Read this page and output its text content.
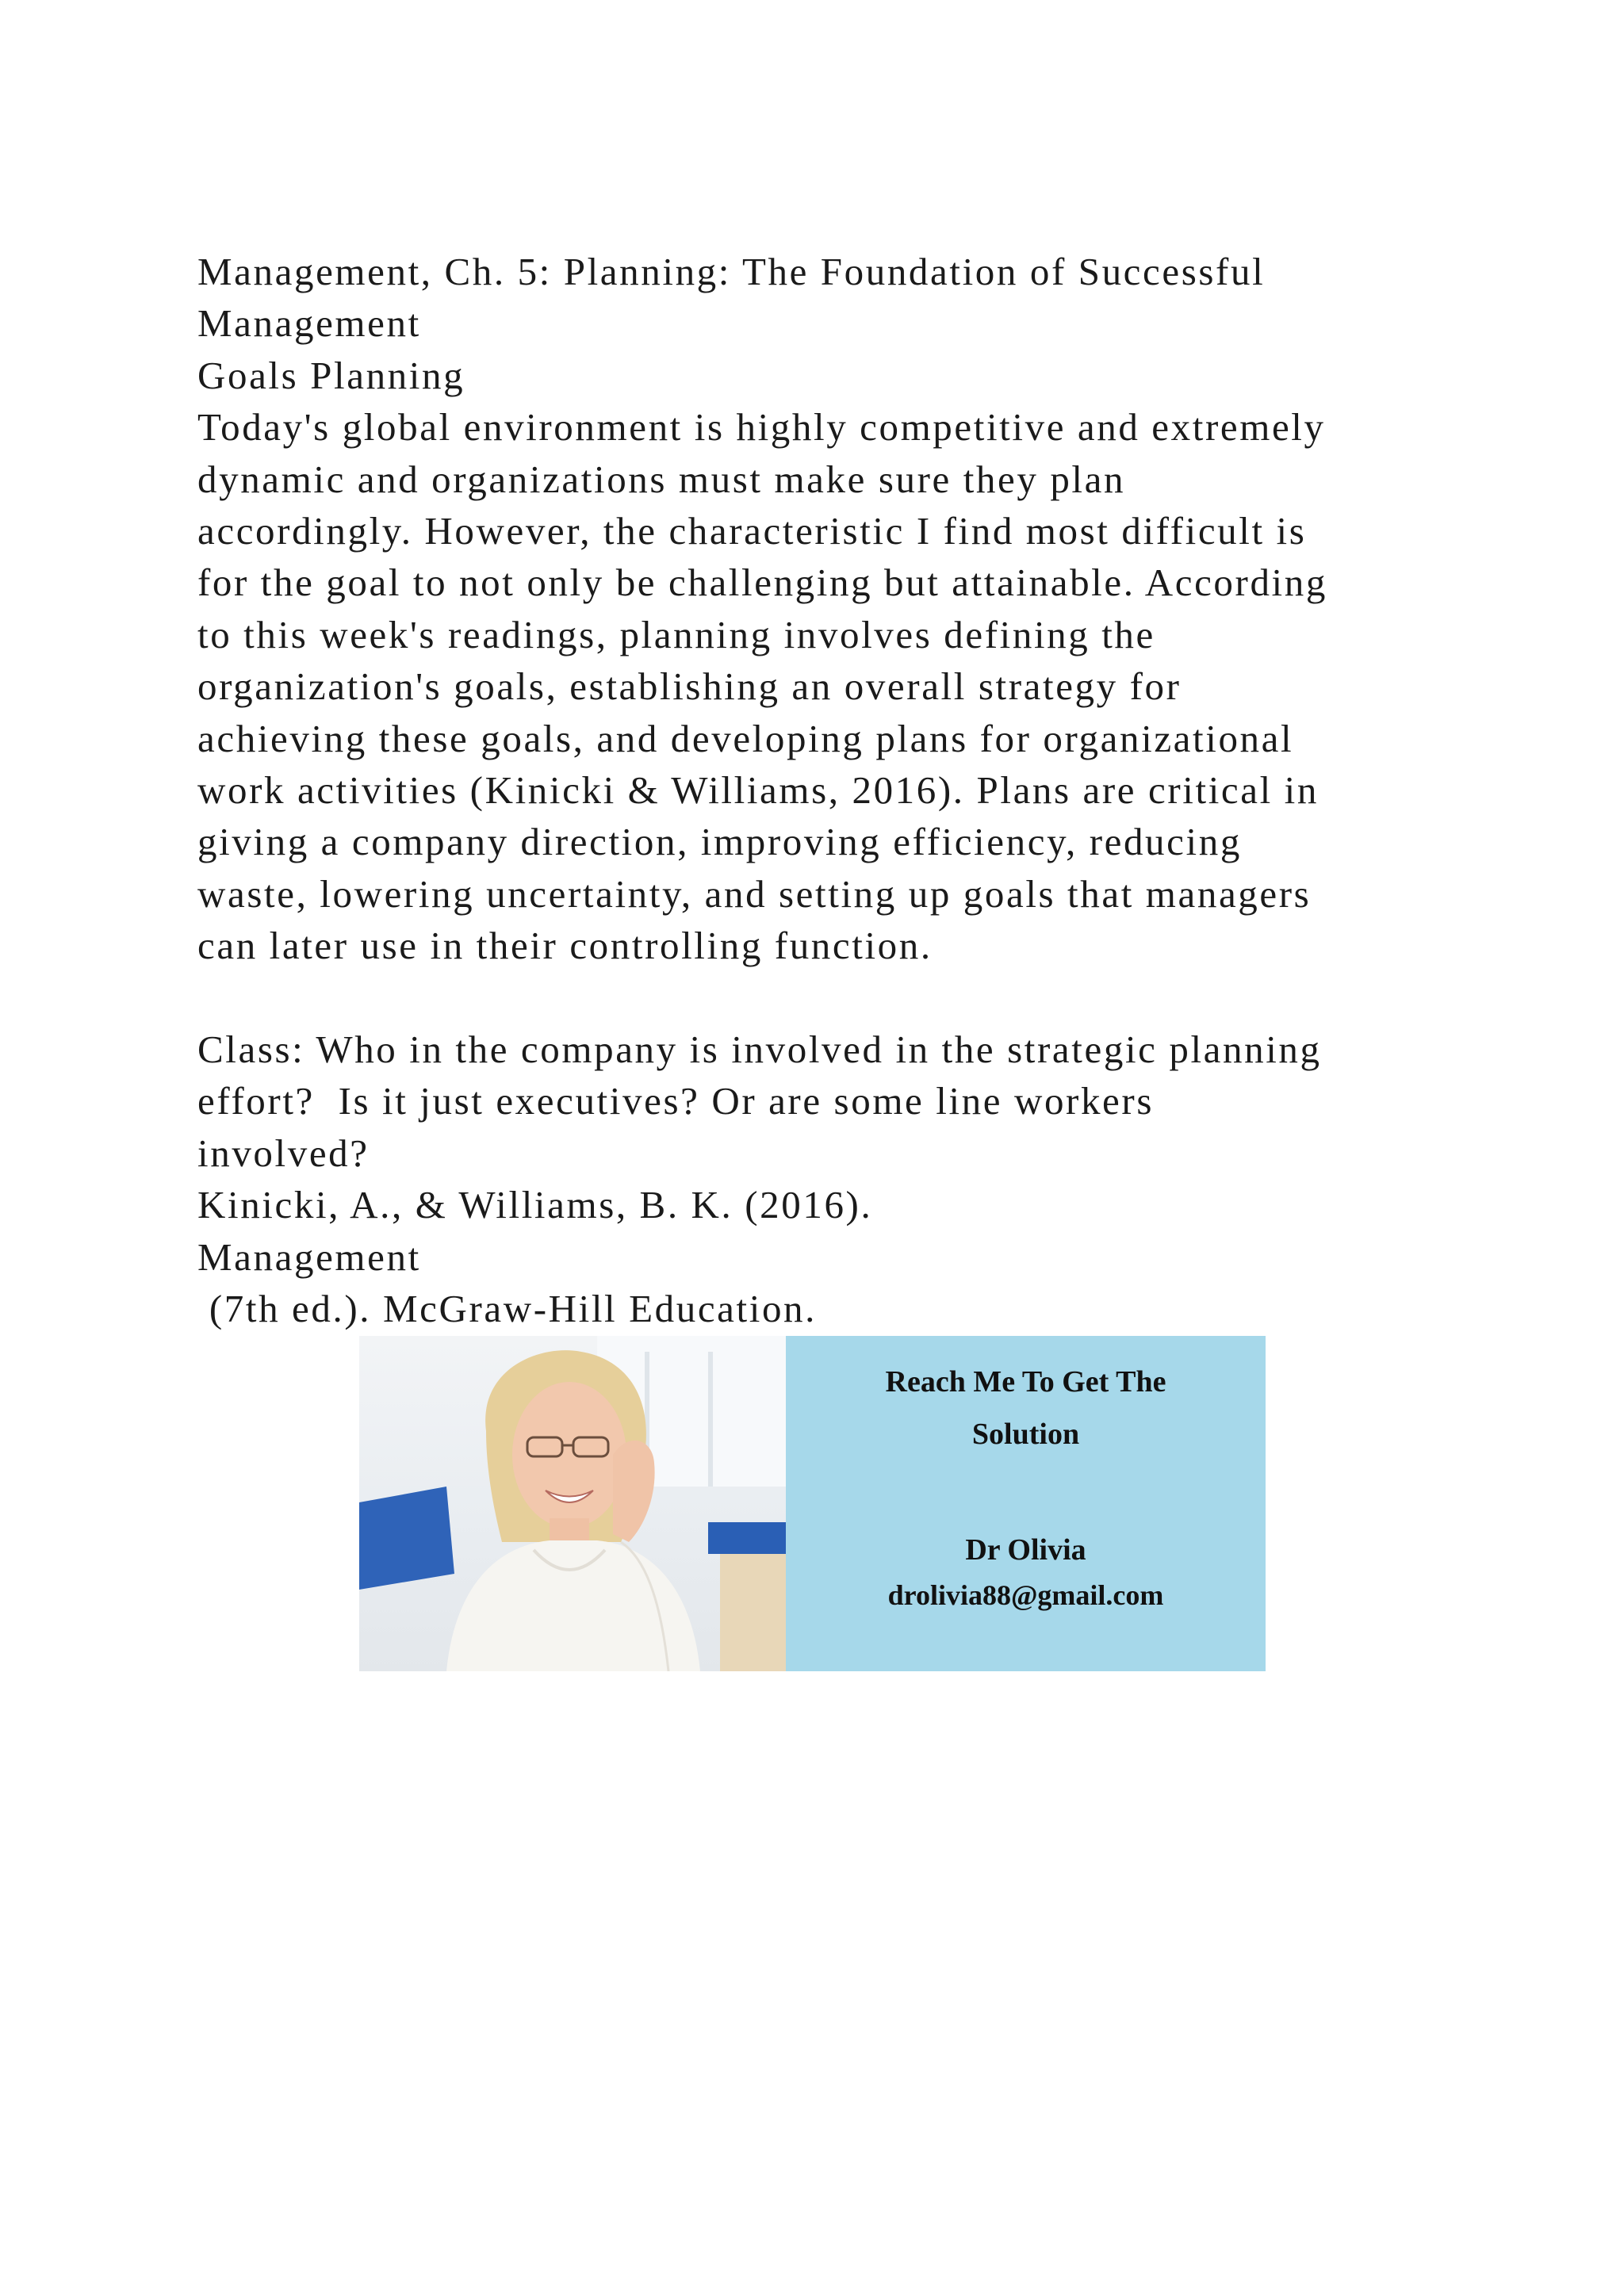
Management, Ch. 5: Planning: The Foundation of Successful
Management
Goals Planning
Today's global environment is highly competitive and extremely
dynamic and organizations must make sure they plan
accordingly. However, the characteristic I find most difficult is
for the goal to not only be challenging but attainable. According
to this week's readings, planning involves defining the
organization's goals, establishing an overall strategy for
achieving these goals, and developing plans for organizational
work activities (Kinicki & Williams, 2016). Plans are critical in
giving a company direction, improving efficiency, reducing
waste, lowering uncertainty, and setting up goals that managers
can later use in their controlling function.
Class: Who in the company is involved in the strategic planning
effort?  Is it just executives? Or are some line workers
involved?
Kinicki, A., & Williams, B. K. (2016).
Management
(7th ed.). McGraw-Hill Education.
Reach Me To Get The
Solution
Dr Olivia
drolivia88@gmail.com
